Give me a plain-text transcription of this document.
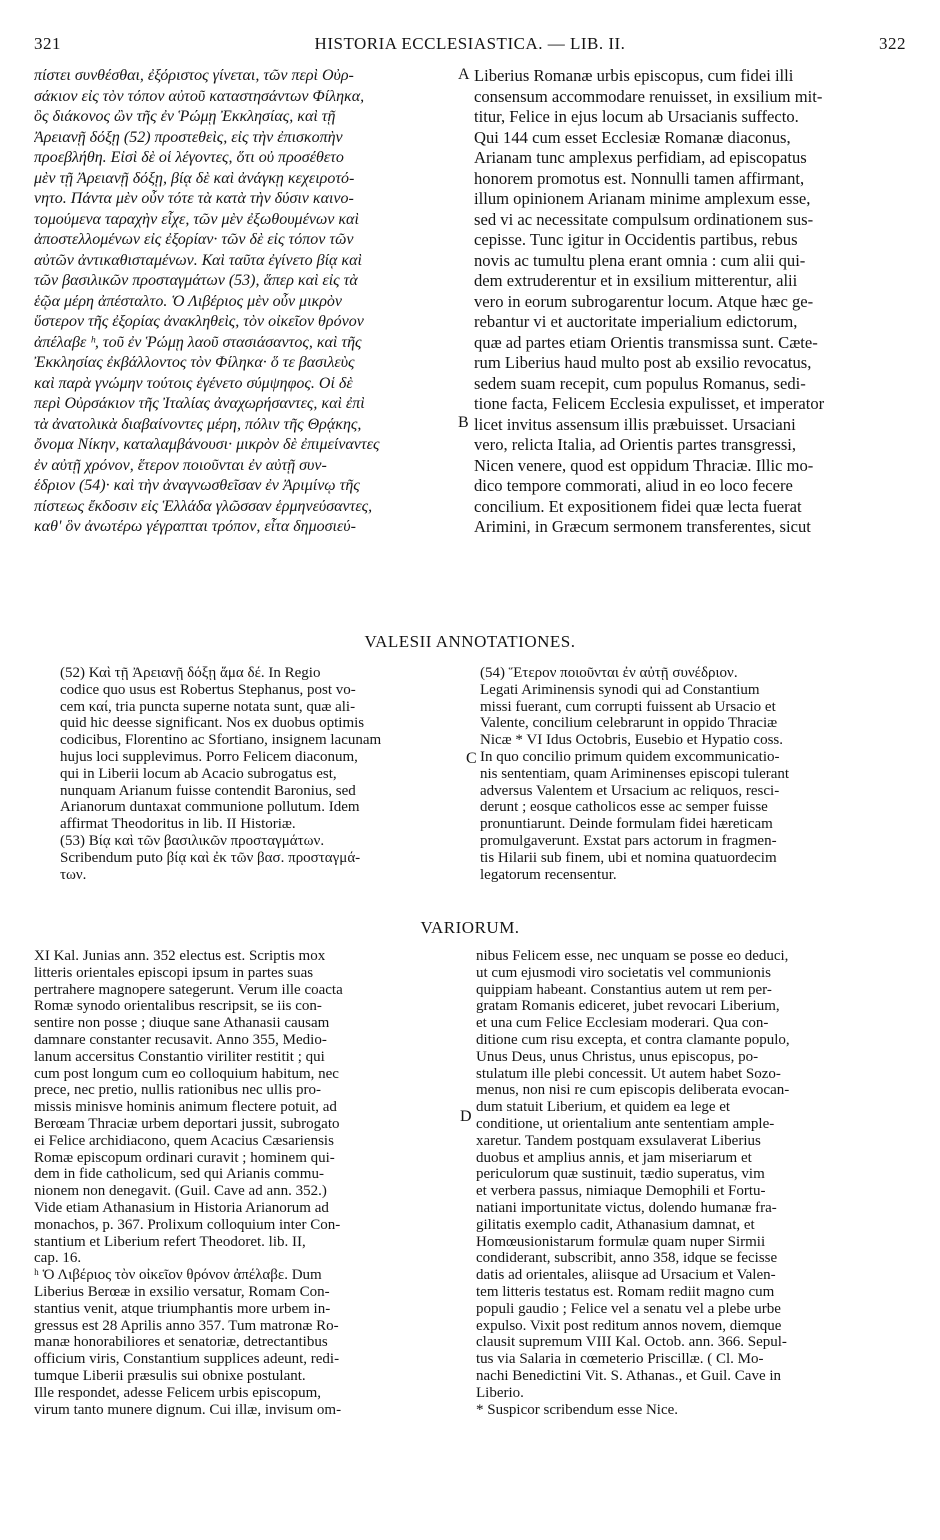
321	HISTORIA ECCLESIASTICA. — LIB. II.	322
πίστει συνθέσθαι, ἐξόριστος γίνεται, τῶν περὶ Οὐρ-
σάκιον εἰς τὸν τόπον αὐτοῦ καταστησάντων Φίληκα,
ὃς διάκονος ὢν τῆς ἐν Ῥώμῃ Ἐκκλησίας, καὶ τῇ
Ἀρειανῇ δόξῃ (52) προστεθεὶς, εἰς τὴν ἐπισκοπὴν
προεβλήθη. Εἰσὶ δὲ οἱ λέγοντες, ὅτι οὐ προσέθετο
μὲν τῇ Ἀρειανῇ δόξῃ, βίᾳ δὲ καὶ ἀνάγκῃ κεχειροτό-
νητο. Πάντα μὲν οὖν τότε τὰ κατὰ τὴν δύσιν καινο-
τομούμενα ταραχὴν εἶχε, τῶν μὲν ἐξωθουμένων καὶ
ἀποστελλομένων εἰς ἐξορίαν· τῶν δὲ εἰς τόπον τῶν
αὐτῶν ἀντικαθισταμένων. Καὶ ταῦτα ἐγίνετο βίᾳ καὶ
τῶν βασιλικῶν προσταγμάτων (53), ἅπερ καὶ εἰς τὰ
ἑῷα μέρη ἀπέσταλτο. Ὁ Λιβέριος μὲν οὖν μικρὸν
ὕστερον τῆς ἐξορίας ἀνακληθεὶς, τὸν οἰκεῖον θρόνον
ἀπέλαβε ʰ, τοῦ ἐν Ῥώμῃ λαοῦ στασιάσαντος, καὶ τῆς
Ἐκκλησίας ἐκβάλλοντος τὸν Φίληκα· ὅ τε βασιλεὺς
καὶ παρὰ γνώμην τούτοις ἐγένετο σύμψηφος. Οἱ δὲ
περὶ Οὐρσάκιον τῆς Ἰταλίας ἀναχωρήσαντες, καὶ ἐπὶ
τὰ ἀνατολικὰ διαβαίνοντες μέρη, πόλιν τῆς Θρᾴκης,
ὄνομα Νίκην, καταλαμβάνουσι· μικρὸν δὲ ἐπιμείναντες
ἐν αὐτῇ χρόνον, ἕτερον ποιοῦνται ἐν αὐτῇ συν-
έδριον (54)· καὶ τὴν ἀναγνωσθεῖσαν ἐν Ἀριμίνῳ τῆς
πίστεως ἔκδοσιν εἰς Ἑλλάδα γλῶσσαν ἑρμηνεύσαντες,
καθ' ὃν ἀνωτέρω γέγραπται τρόπον, εἶτα δημοσιεύ-
Liberius Romanæ urbis episcopus, cum fidei illi
consensum accommodare renuisset, in exsilium mit-
titur, Felice in ejus locum ab Ursacianis suffecto.
Qui 144 cum esset Ecclesiæ Romanæ diaconus,
Arianam tunc amplexus perfidiam, ad episcopatus
honorem promotus est. Nonnulli tamen affirmant,
illum opinionem Arianam minime amplexum esse,
sed vi ac necessitate compulsum ordinationem sus-
cepisse. Tunc igitur in Occidentis partibus, rebus
novis ac tumultu plena erant omnia : cum alii qui-
dem extruderentur et in exsilium mitterentur, alii
vero in eorum subrogarentur locum. Atque hæc ge-
rebantur vi et auctoritate imperialium edictorum,
quæ ad partes etiam Orientis transmissa sunt. Cæte-
rum Liberius haud multo post ab exsilio revocatus,
sedem suam recepit, cum populus Romanus, sedi-
tione facta, Felicem Ecclesia expulisset, et imperator
licet invitus assensum illis præbuisset. Ursaciani
vero, relicta Italia, ad Orientis partes transgressi,
Nicen venere, quod est oppidum Thraciæ. Illic mo-
dico tempore commorati, aliud in eo loco fecere
concilium. Et expositionem fidei quæ lecta fuerat
Arimini, in Græcum sermonem transferentes, sicut
A
B
C
D
VALESII ANNOTATIONES.
(52) Καὶ τῇ Ἀρειανῇ δόξῃ ἅμα δέ. In Regio
codice quo usus est Robertus Stephanus, post vo-
cem καί, tria puncta superne notata sunt, quæ ali-
quid hic deesse significant. Nos ex duobus optimis
codicibus, Florentino ac Sfortiano, insignem lacunam
hujus loci supplevimus. Porro Felicem diaconum,
qui in Liberii locum ab Acacio subrogatus est,
nunquam Arianum fuisse contendit Baronius, sed
Arianorum duntaxat communione pollutum. Idem
affirmat Theodoritus in lib. II Historiæ.
(53) Βίᾳ καὶ τῶν βασιλικῶν προσταγμάτων.
Scribendum puto βίᾳ καὶ ἐκ τῶν βασ. προσταγμά-
των.
(54) Ἕτερον ποιοῦνται ἐν αὐτῇ συνέδριον.
Legati Ariminensis synodi qui ad Constantium
missi fuerant, cum corrupti fuissent ab Ursacio et
Valente, concilium celebrarunt in oppido Thraciæ
Nicæ * VI Idus Octobris, Eusebio et Hypatio coss.
In quo concilio primum quidem excommunicatio-
nis sententiam, quam Ariminenses episcopi tulerant
adversus Valentem et Ursacium ac reliquos, resci-
derunt ; eosque catholicos esse ac semper fuisse
pronuntiarunt. Deinde formulam fidei hæreticam
promulgaverunt. Exstat pars actorum in fragmen-
tis Hilarii sub finem, ubi et nomina quatuordecim
legatorum recensentur.
VARIORUM.
XI Kal. Junias ann. 352 electus est. Scriptis mox
litteris orientales episcopi ipsum in partes suas
pertrahere magnopere sategerunt. Verum ille coacta
Romæ synodo orientalibus rescripsit, se iis con-
sentire non posse ; diuque sane Athanasii causam
damnare constanter recusavit. Anno 355, Medio-
lanum accersitus Constantio viriliter restitit ; qui
cum post longum cum eo colloquium habitum, nec
prece, nec pretio, nullis rationibus nec ullis pro-
missis minisve hominis animum flectere potuit, ad
Berœam Thraciæ urbem deportari jussit, subrogato
ei Felice archidiacono, quem Acacius Cæsariensis
Romæ episcopum ordinari curavit ; hominem qui-
dem in fide catholicum, sed qui Arianis commu-
nionem non denegavit. (Guil. Cave ad ann. 352.)
Vide etiam Athanasium in Historia Arianorum ad
monachos, p. 367. Prolixum colloquium inter Con-
stantium et Liberium refert Theodoret. lib. II,
cap. 16.
ʰ Ὁ Λιβέριος τὸν οἰκεῖον θρόνον ἀπέλαβε. Dum
Liberius Berœæ in exsilio versatur, Romam Con-
stantius venit, atque triumphantis more urbem in-
gressus est 28 Aprilis anno 357. Tum matronæ Ro-
manæ honorabiliores et senatoriæ, detrectantibus
officium viris, Constantium supplices adeunt, redi-
tumque Liberii præsulis sui obnixe postulant.
Ille respondet, adesse Felicem urbis episcopum,
virum tanto munere dignum. Cui illæ, invisum om-
nibus Felicem esse, nec unquam se posse eo deduci,
ut cum ejusmodi viro societatis vel communionis
quippiam habeant. Constantius autem ut rem per-
gratam Romanis ediceret, jubet revocari Liberium,
et una cum Felice Ecclesiam moderari. Qua con-
ditione cum risu excepta, et contra clamante populo,
Unus Deus, unus Christus, unus episcopus, po-
stulatum ille plebi concessit. Ut autem habet Sozo-
menus, non nisi re cum episcopis deliberata evocan-
dum statuit Liberium, et quidem ea lege et
conditione, ut orientalium ante sententiam ample-
xaretur. Tandem postquam exsulaverat Liberius
duobus et amplius annis, et jam miseriarum et
periculorum quæ sustinuit, tædio superatus, vim
et verbera passus, nimiaque Demophili et Fortu-
natiani importunitate victus, dolendo humanæ fra-
gilitatis exemplo cadit, Athanasium damnat, et
Homœusionistarum formulæ quam nuper Sirmii
condiderant, subscribit, anno 358, idque se fecisse
datis ad orientales, aliisque ad Ursacium et Valen-
tem litteris testatus est. Romam rediit magno cum
populi gaudio ; Felice vel a senatu vel a plebe urbe
expulso. Vixit post reditum annos novem, diemque
clausit supremum VIII Kal. Octob. ann. 366. Sepul-
tus via Salaria in cœmeterio Priscillæ. ( Cl. Mo-
nachi Benedictini Vit. S. Athanas., et Guil. Cave in
Liberio.
* Suspicor scribendum esse Nice.
